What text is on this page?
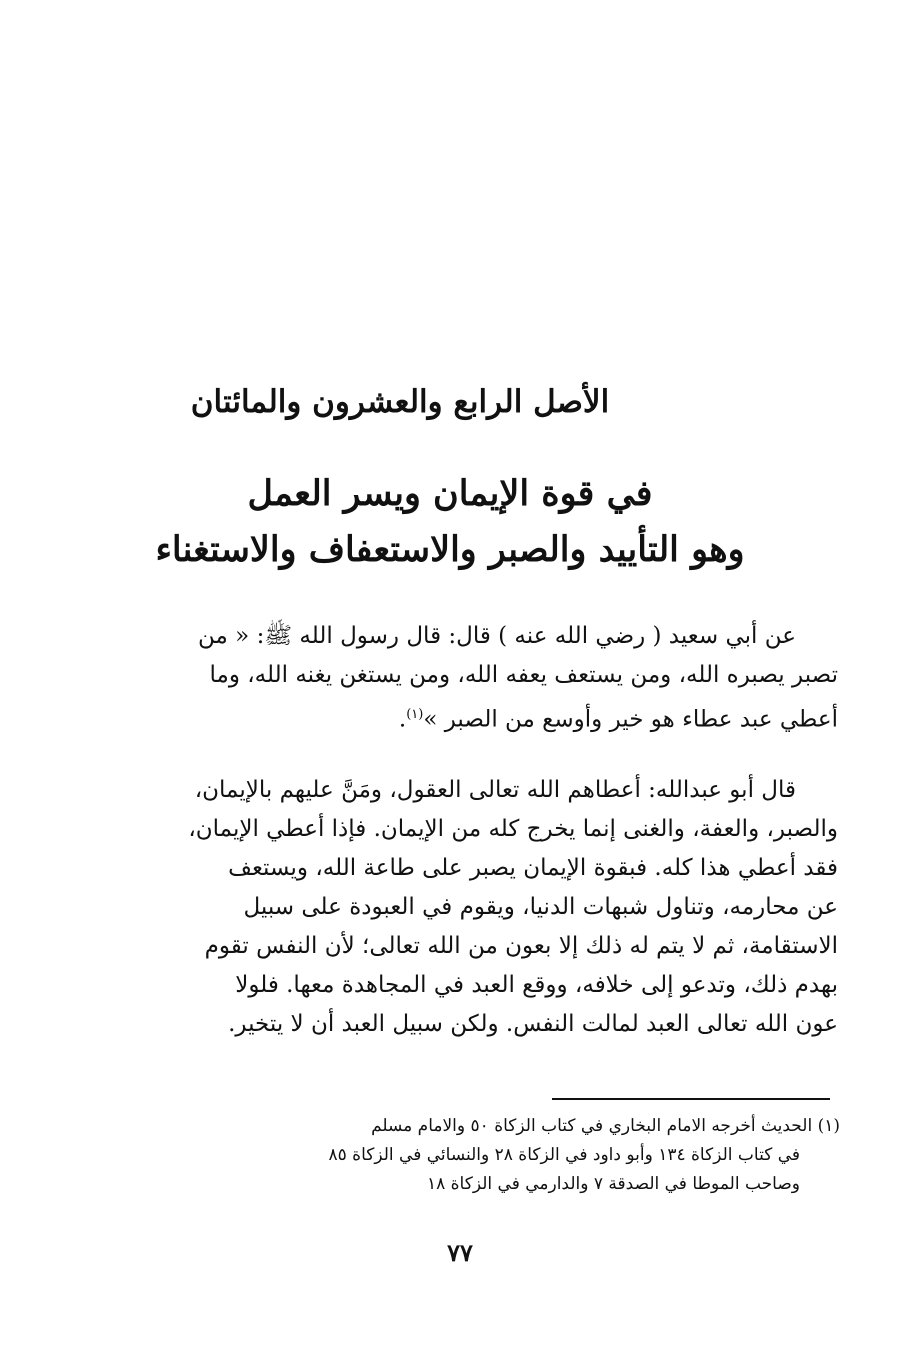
الأصل الرابع والعشرون والمائتان
في قوة الإيمان ويسر العمل
وهو التأييد والصبر والاستعفاف والاستغناء
عن أبي سعيد ( رضي الله عنه ) قال: قال رسول الله ﷺ: « من
تصبر يصبره الله، ومن يستعف يعفه الله، ومن يستغن يغنه الله، وما
أعطي عبد عطاء هو خير وأوسع من الصبر »$^{(١)}$.
قال أبو عبدالله: أعطاهم الله تعالى العقول، ومَنَّ عليهم بالإيمان،
والصبر، والعفة، والغنى إنما يخرج كله من الإيمان. فإذا أعطي الإيمان،
فقد أعطي هذا كله. فبقوة الإيمان يصبر على طاعة الله، ويستعف
عن محارمه، وتناول شبهات الدنيا، ويقوم في العبودة على سبيل
الاستقامة، ثم لا يتم له ذلك إلا بعون من الله تعالى؛ لأن النفس تقوم
بهدم ذلك، وتدعو إلى خلافه، ووقع العبد في المجاهدة معها. فلولا
عون الله تعالى العبد لمالت النفس. ولكن سبيل العبد أن لا يتخير.
(١) الحديث أخرجه الامام البخاري في كتاب الزكاة ٥٠ والامام مسلم
في كتاب الزكاة ١٣٤ وأبو داود في الزكاة ٢٨ والنسائي في الزكاة ٨٥
وصاحب الموطا في الصدقة ٧ والدارمي في الزكاة ١٨
٧٧
